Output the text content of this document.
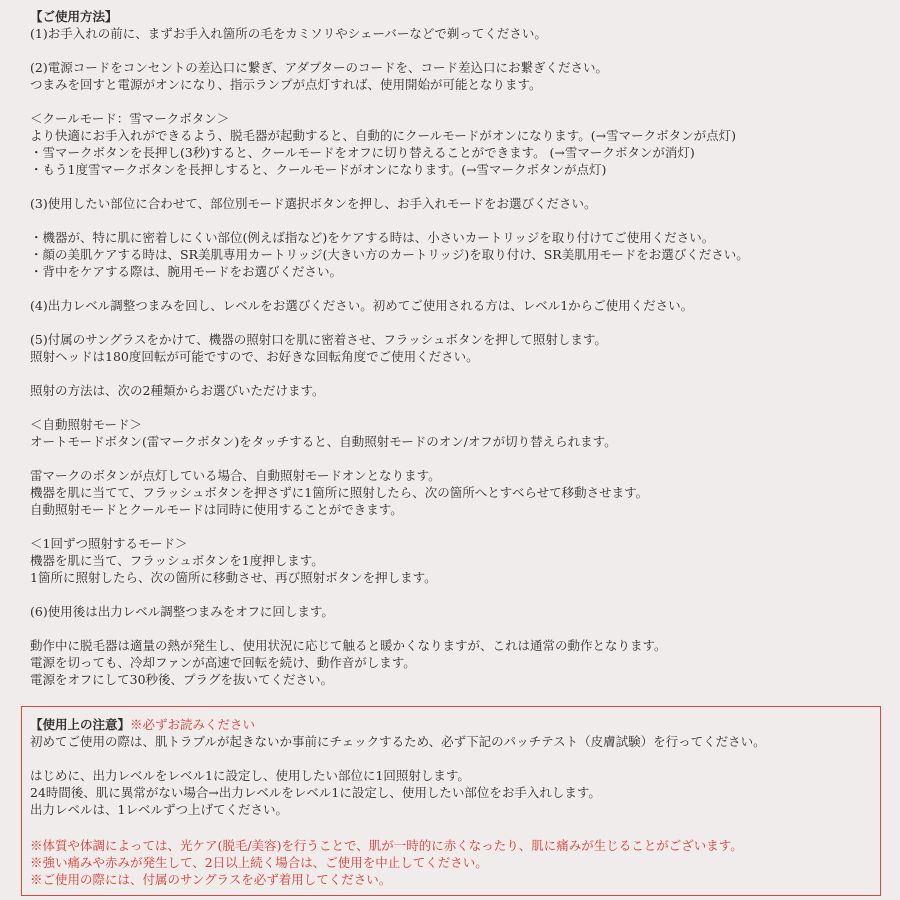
【ご使用方法】
(1)お手入れの前に、まずお手入れ箇所の毛をカミソリやシェーバーなどで剃ってください。
(2)電源コードをコンセントの差込口に繋ぎ、アダプターのコードを、コード差込口にお繋ぎください。
つまみを回すと電源がオンになり、指示ランプが点灯すれば、使用開始が可能となります。
＜クールモード：雪マークボタン＞
より快適にお手入れができるよう、脱毛器が起動すると、自動的にクールモードがオンになります。(→雪マークボタンが点灯)
・雪マークボタンを長押し(3秒)すると、クールモードをオフに切り替えることができます。 (→雪マークボタンが消灯)
・もう1度雪マークボタンを長押しすると、クールモードがオンになります。(→雪マークボタンが点灯)
(3)使用したい部位に合わせて、部位別モード選択ボタンを押し、お手入れモードをお選びください。
・機器が、特に肌に密着しにくい部位(例えば指など)をケアする時は、小さいカートリッジを取り付けてご使用ください。
・顔の美肌ケアする時は、SR美肌専用カートリッジ(大きい方のカートリッジ)を取り付け、SR美肌用モードをお選びください。
・背中をケアする際は、腕用モードをお選びください。
(4)出力レベル調整つまみを回し、レベルをお選びください。初めてご使用される方は、レベル1からご使用ください。
(5)付属のサングラスをかけて、機器の照射口を肌に密着させ、フラッシュボタンを押して照射します。
照射ヘッドは180度回転が可能ですので、お好きな回転角度でご使用ください。
照射の方法は、次の2種類からお選びいただけます。
＜自動照射モード＞
オートモードボタン(雷マークボタン)をタッチすると、自動照射モードのオン/オフが切り替えられます。
雷マークのボタンが点灯している場合、自動照射モードオンとなります。
機器を肌に当てて、フラッシュボタンを押さずに1箇所に照射したら、次の箇所へとすべらせて移動させます。
自動照射モードとクールモードは同時に使用することができます。
＜1回ずつ照射するモード＞
機器を肌に当て、フラッシュボタンを1度押します。
1箇所に照射したら、次の箇所に移動させ、再び照射ボタンを押します。
(6)使用後は出力レベル調整つまみをオフに回します。
動作中に脱毛器は適量の熱が発生し、使用状況に応じて触ると暖かくなりますが、これは通常の動作となります。
電源を切っても、冷却ファンが高速で回転を続け、動作音がします。
電源をオフにして30秒後、プラグを抜いてください。
【使用上の注意】※必ずお読みください
初めてご使用の際は、肌トラブルが起きないか事前にチェックするため、必ず下記のパッチテスト（皮膚試験）を行ってください。
はじめに、出力レベルをレベル1に設定し、使用したい部位に1回照射します。
24時間後、肌に異常がない場合→出力レベルをレベル1に設定し、使用したい部位をお手入れします。
出力レベルは、1レベルずつ上げてください。
※体質や体調によっては、光ケア(脱毛/美容)を行うことで、肌が一時的に赤くなったり、肌に痛みが生じることがございます。
※強い痛みや赤みが発生して、2日以上続く場合は、ご使用を中止してください。
※ご使用の際には、付属のサングラスを必ず着用してください。
